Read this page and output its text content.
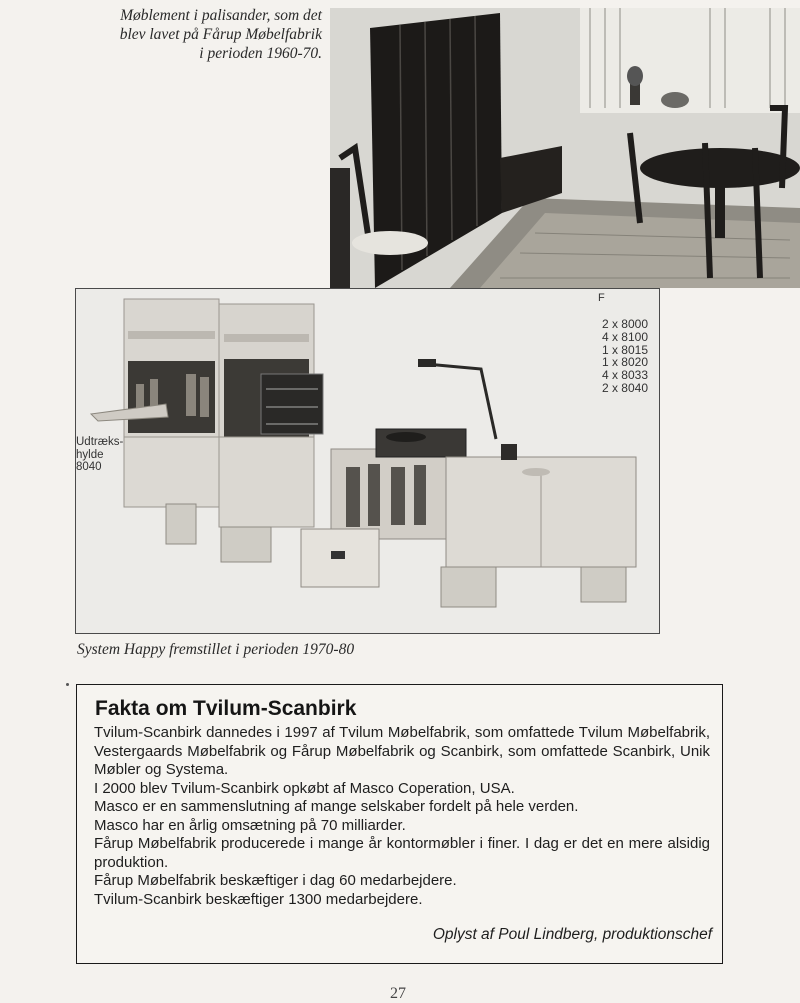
Møblement i palisander, som det
blev lavet på Fårup Møbelfabrik
i perioden 1960-70.
F
2 x 8000
4 x 8100
1 x 8015
1 x 8020
4 x 8033
2 x 8040
Udtræks-
hylde
8040
System Happy fremstillet i perioden 1970-80
Fakta om Tvilum-Scanbirk

Tvilum-Scanbirk dannedes i 1997 af Tvilum Møbelfabrik, som omfattede Tvilum Møbelfabrik, Vestergaards Møbelfabrik og Fårup Møbelfabrik og Scanbirk, som omfattede Scanbirk, Unik Møbler og Systema.

I 2000 blev Tvilum-Scanbirk opkøbt af Masco Coperation, USA.

Masco er en sammenslutning af mange selskaber fordelt på hele verden.

Masco har en årlig omsætning på 70 milliarder.

Fårup Møbelfabrik producerede i mange år kontormøbler i finer. I dag er det en mere alsidig produktion.

Fårup Møbelfabrik beskæftiger i dag 60 medarbejdere.

Tvilum-Scanbirk beskæftiger 1300 medarbejdere.

Oplyst af Poul Lindberg, produktionschef
27
